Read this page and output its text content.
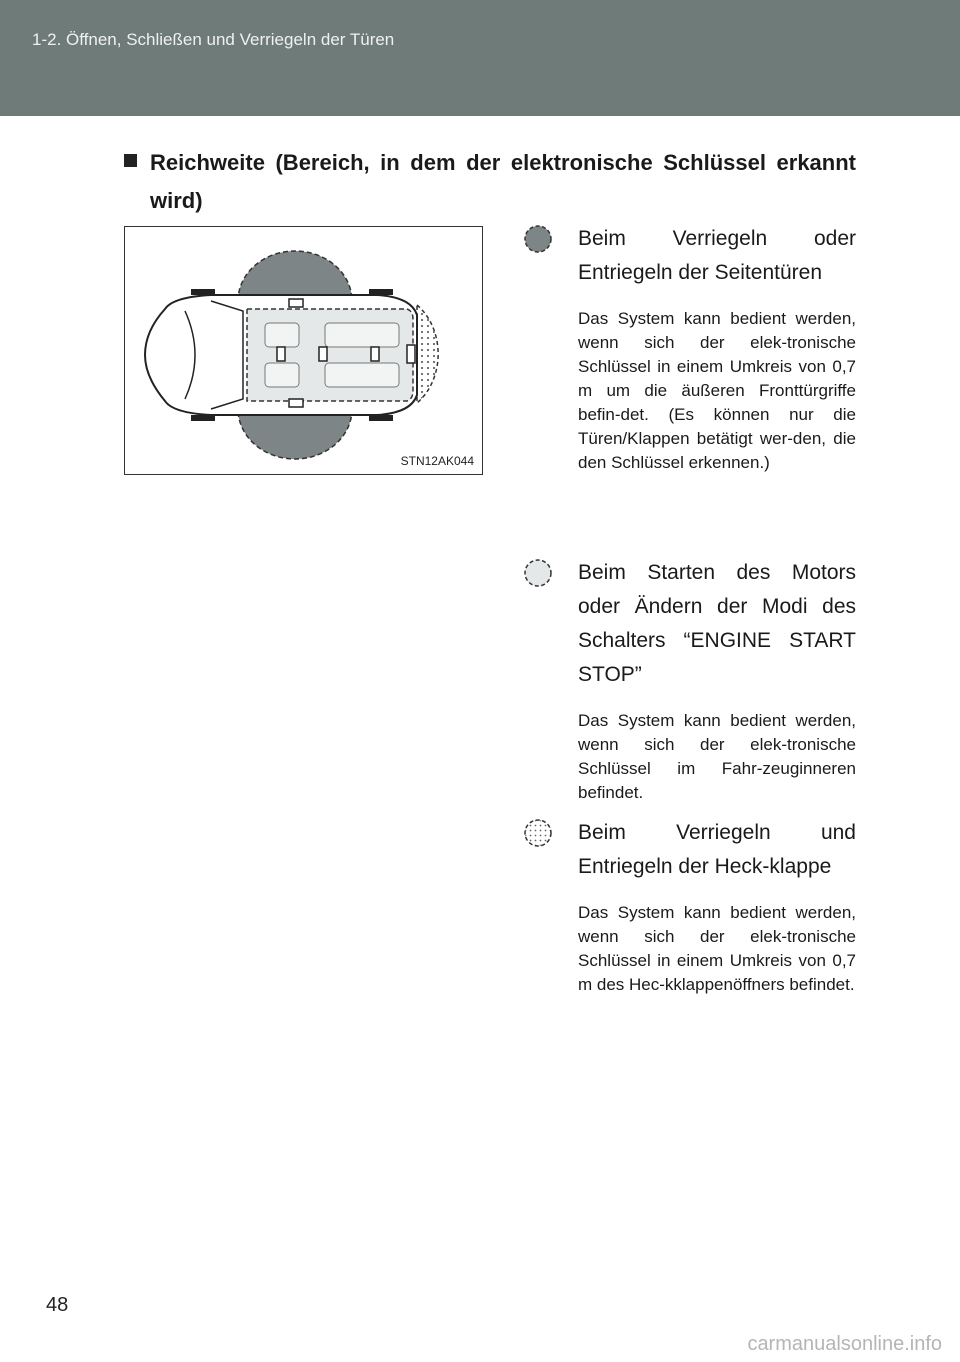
1-2. Öffnen, Schließen und Verriegeln der Türen

Reichweite (Bereich, in dem der elektronische Schlüssel erkannt wird)

STN12AK044

Beim Verriegeln oder Entriegeln der Seitentüren

Das System kann bedient werden, wenn sich der elek-tronische Schlüssel in einem Umkreis von 0,7 m um die äußeren Fronttürgriffe befin-det. (Es können nur die Türen/Klappen betätigt wer-den, die den Schlüssel erkennen.)

Beim Starten des Motors oder Ändern der Modi des Schalters “ENGINE START STOP”

Das System kann bedient werden, wenn sich der elek-tronische Schlüssel im Fahr-zeuginneren befindet.

Beim Verriegeln und Entriegeln der Heck-klappe

Das System kann bedient werden, wenn sich der elek-tronische Schlüssel in einem Umkreis von 0,7 m des Hec-kklappenöffners befindet.

48
carmanualsonline.info
